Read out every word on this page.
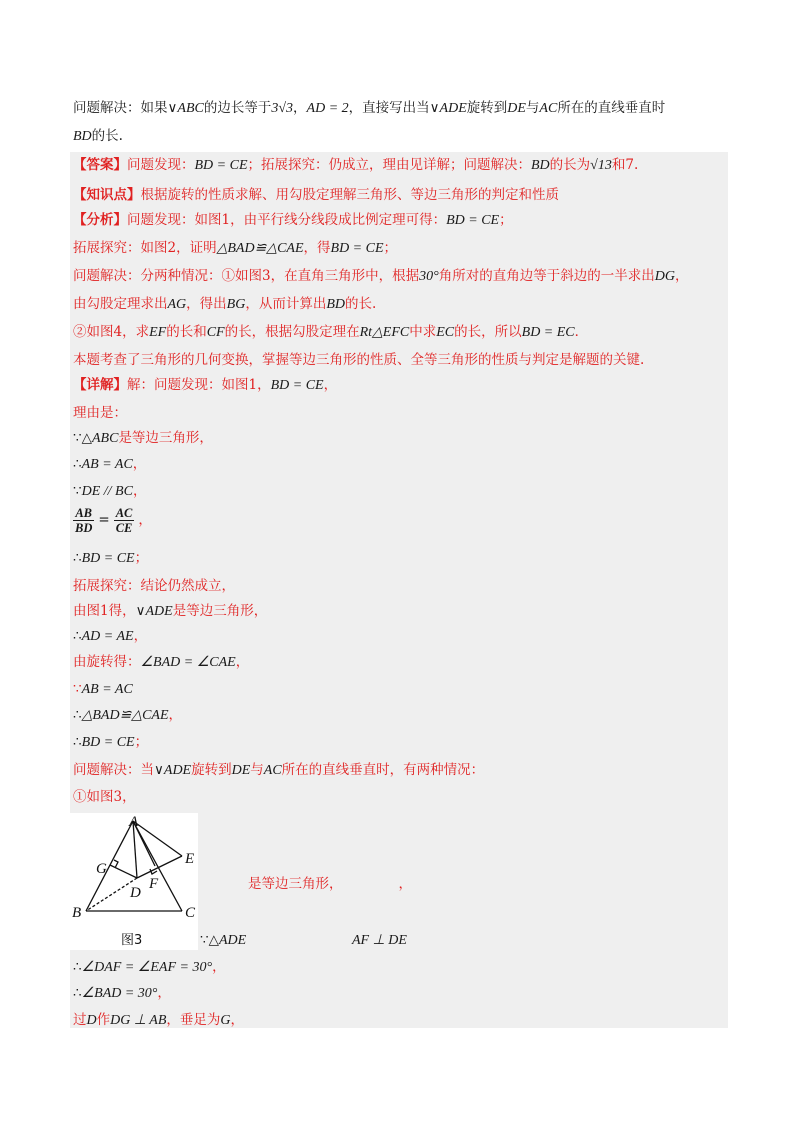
问题解决：如果∨ABC的边长等于3√3，AD = 2，直接写出当∨ADE旋转到DE与AC所在的直线垂直时
BD的长.
【答案】问题发现：BD = CE；拓展探究：仍成立，理由见详解；问题解决：BD的长为√13和7.
【知识点】根据旋转的性质求解、用勾股定理解三角形、等边三角形的判定和性质
【分析】问题发现：如图1，由平行线分线段成比例定理可得：BD = CE；
拓展探究：如图2，证明△BAD≌△CAE，得BD = CE；
问题解决：分两种情况：①如图3，在直角三角形中，根据30°角所对的直角边等于斜边的一半求出DG，
由勾股定理求出AG，得出BG，从而计算出BD的长.
②如图4，求EF的长和CF的长，根据勾股定理在Rt△EFC中求EC的长，所以BD = EC．
本题考查了三角形的几何变换，掌握等边三角形的性质、全等三角形的性质与判定是解题的关键.
【详解】解：问题发现：如图1，BD = CE，
理由是：
∵△ABC是等边三角形，
∴AB = AC，
∵DE // BC，
$\frac{AB}{BD} = \frac{AC}{CE}$ ，
∴BD = CE；
拓展探究：结论仍然成立，
由图1得，∨ADE是等边三角形，
∴AD = AE，
由旋转得：∠BAD = ∠CAE，
∵AB = AC
∴△BAD≌△CAE，
∴BD = CE；
问题解决：当∨ADE旋转到DE与AC所在的直线垂直时，有两种情况：
①如图3，
A
B	C
D
E
F
G
图3
是等边三角形，	，
∵△ADE	AF ⊥ DE
∴∠DAF = ∠EAF = 30°，
∴∠BAD = 30°，
过D作DG ⊥ AB，垂足为G，
